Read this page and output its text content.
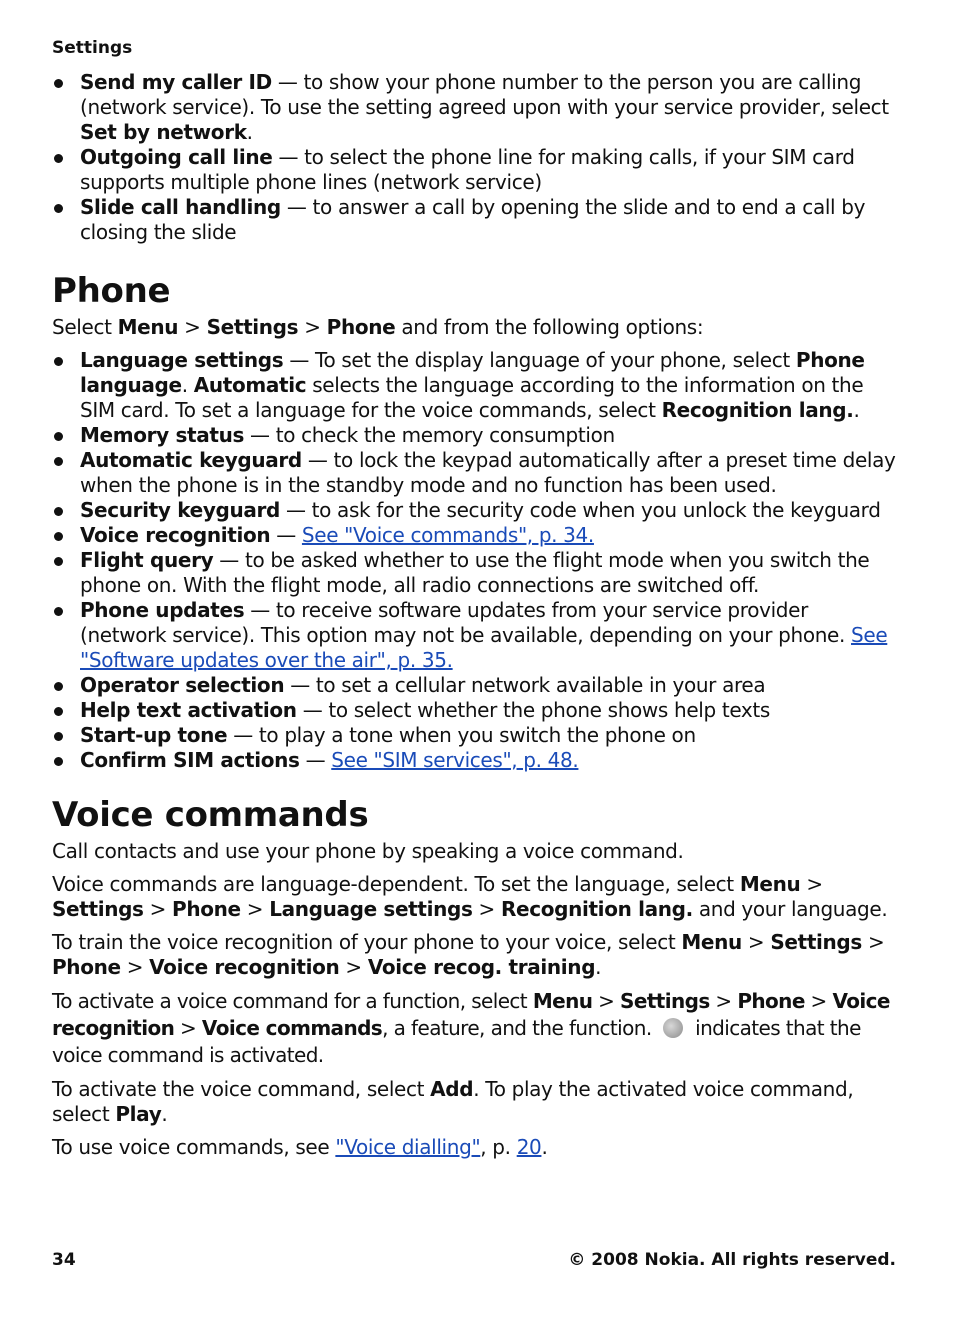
Settings
Send my caller ID — to show your phone number to the person you are calling (network service). To use the setting agreed upon with your service provider, select Set by network.
Outgoing call line — to select the phone line for making calls, if your SIM card supports multiple phone lines (network service)
Slide call handling — to answer a call by opening the slide and to end a call by closing the slide
Phone

Select Menu > Settings > Phone and from the following options:

Language settings — To set the display language of your phone, select Phone language. Automatic selects the language according to the information on the SIM card. To set a language for the voice commands, select Recognition lang..
Memory status — to check the memory consumption
Automatic keyguard — to lock the keypad automatically after a preset time delay when the phone is in the standby mode and no function has been used.
Security keyguard — to ask for the security code when you unlock the keyguard
Voice recognition — See "Voice commands", p. 34.
Flight query — to be asked whether to use the flight mode when you switch the phone on. With the flight mode, all radio connections are switched off.
Phone updates — to receive software updates from your service provider (network service). This option may not be available, depending on your phone. See "Software updates over the air", p. 35.
Operator selection — to set a cellular network available in your area
Help text activation — to select whether the phone shows help texts
Start-up tone — to play a tone when you switch the phone on
Confirm SIM actions — See "SIM services", p. 48.
Voice commands

Call contacts and use your phone by speaking a voice command.

Voice commands are language-dependent. To set the language, select Menu > Settings > Phone > Language settings > Recognition lang. and your language.

To train the voice recognition of your phone to your voice, select Menu > Settings > Phone > Voice recognition > Voice recog. training.

To activate a voice command for a function, select Menu > Settings > Phone > Voice recognition > Voice commands, a feature, and the function.  indicates that the voice command is activated.

To activate the voice command, select Add. To play the activated voice command, select Play.

To use voice commands, see "Voice dialling", p. 20.

34	© 2008 Nokia. All rights reserved.
